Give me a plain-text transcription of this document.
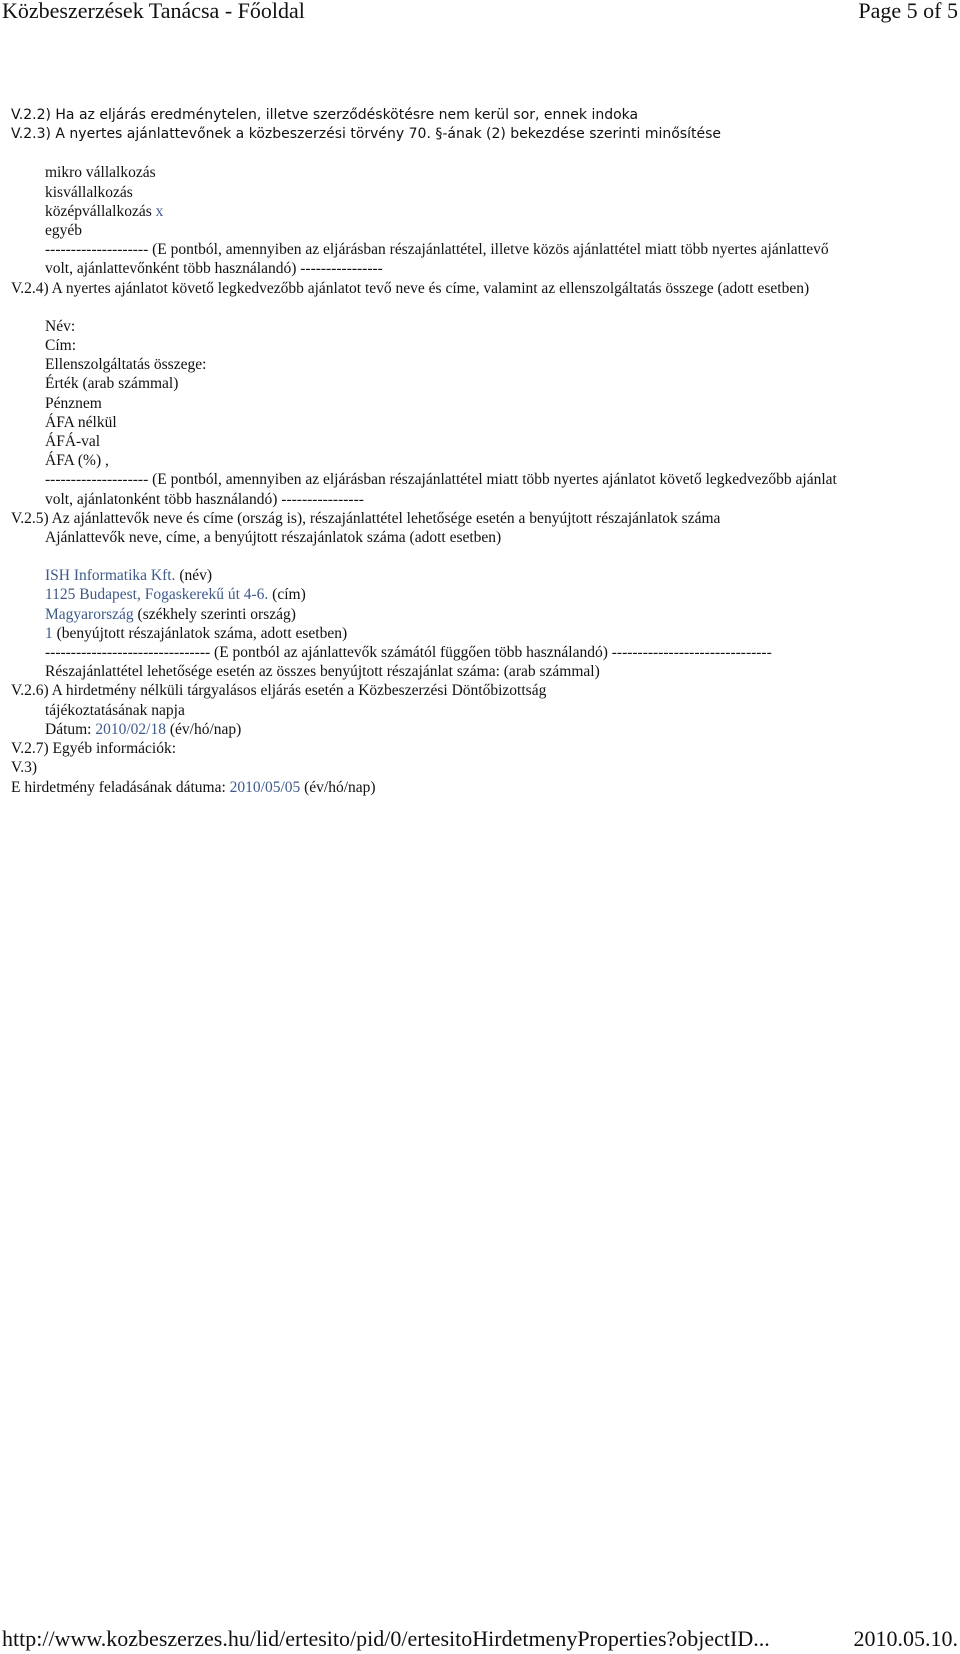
Közbeszerzések Tanácsa - Főoldal	Page 5 of 5
V.2.2) Ha az eljárás eredménytelen, illetve szerződéskötésre nem kerül sor, ennek indoka
V.2.3) A nyertes ajánlattevőnek a közbeszerzési törvény 70. §-ának (2) bekezdése szerinti minősítése
mikro vállalkozás
kisvállalkozás
középvállalkozás x
egyéb
-------------------- (E pontból, amennyiben az eljárásban részajánlattétel, illetve közös ajánlattétel miatt több nyertes ajánlattevő
volt, ajánlattevőnként több használandó) ----------------
V.2.4) A nyertes ajánlatot követő legkedvezőbb ajánlatot tevő neve és címe, valamint az ellenszolgáltatás összege (adott esetben)
Név:
Cím:
Ellenszolgáltatás összege:
Érték (arab számmal)
Pénznem
ÁFA nélkül
ÁFÁ-val
ÁFA (%) ,
-------------------- (E pontból, amennyiben az eljárásban részajánlattétel miatt több nyertes ajánlatot követő legkedvezőbb ajánlat
volt, ajánlatonként több használandó) ----------------
V.2.5) Az ajánlattevők neve és címe (ország is), részajánlattétel lehetősége esetén a benyújtott részajánlatok száma
Ajánlattevők neve, címe, a benyújtott részajánlatok száma (adott esetben)
ISH Informatika Kft. (név)
1125 Budapest, Fogaskerekű út 4-6. (cím)
Magyarország (székhely szerinti ország)
1 (benyújtott részajánlatok száma, adott esetben)
-------------------------------- (E pontból az ajánlattevők számától függően több használandó) -------------------------------
Részajánlattétel lehetősége esetén az összes benyújtott részajánlat száma: (arab számmal)
V.2.6) A hirdetmény nélküli tárgyalásos eljárás esetén a Közbeszerzési Döntőbizottság
tájékoztatásának napja
Dátum: 2010/02/18 (év/hó/nap)
V.2.7) Egyéb információk:
V.3)
E hirdetmény feladásának dátuma: 2010/05/05 (év/hó/nap)
http://www.kozbeszerzes.hu/lid/ertesito/pid/0/ertesitoHirdetmenyProperties?objectID...	2010.05.10.
